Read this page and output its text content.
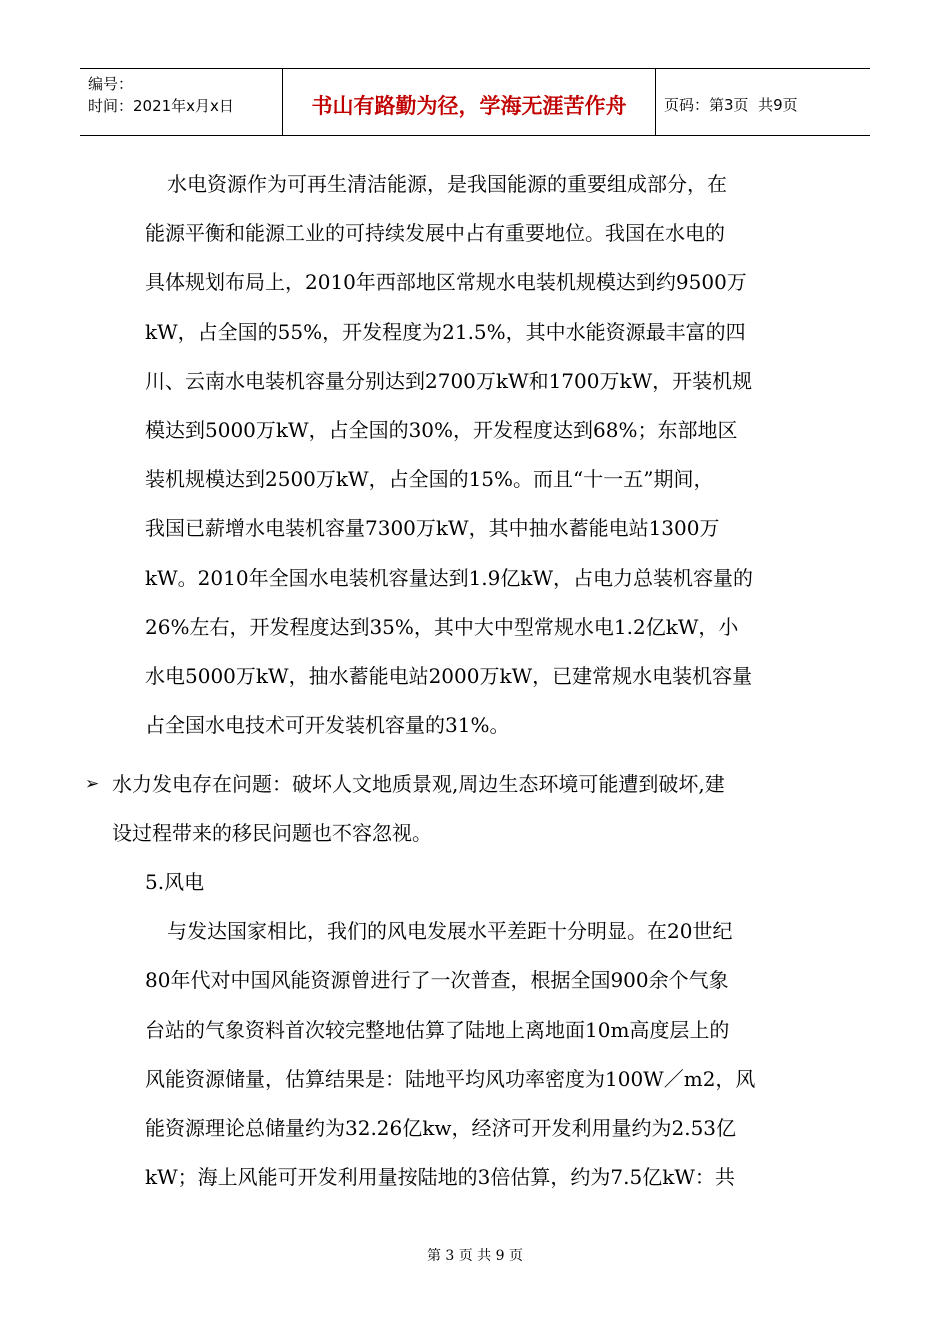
编号：
时间：2021年x月x日	书山有路勤为径，学海无涯苦作舟	页码：第3页  共9页

水电资源作为可再生清洁能源，是我国能源的重要组成部分，在
能源平衡和能源工业的可持续发展中占有重要地位。我国在水电的
具体规划布局上，2010年西部地区常规水电装机规模达到约9500万
kW，占全国的55%，开发程度为21.5%，其中水能资源最丰富的四
川、云南水电装机容量分别达到2700万kW和1700万kW，开装机规
模达到5000万kW，占全国的30%，开发程度达到68%；东部地区
装机规模达到2500万kW，占全国的15%。而且“十一五”期间，
我国已薪增水电装机容量7300万kW，其中抽水蓄能电站1300万
kW。2010年全国水电装机容量达到1.9亿kW，占电力总装机容量的
26%左右，开发程度达到35%，其中大中型常规水电1.2亿kW，小
水电5000万kW，抽水蓄能电站2000万kW，已建常规水电装机容量
占全国水电技术可开发装机容量的31%。

➢ 水力发电存在问题：破坏人文地质景观,周边生态环境可能遭到破坏,建
设过程带来的移民问题也不容忽视。

5.风电
与发达国家相比，我们的风电发展水平差距十分明显。在20世纪
80年代对中国风能资源曾进行了一次普查，根据全国900余个气象
台站的气象资料首次较完整地估算了陆地上离地面10m高度层上的
风能资源储量，估算结果是：陆地平均风功率密度为100W／m2，风
能资源理论总储量约为32.26亿kw，经济可开发利用量约为2.53亿
kW；海上风能可开发利用量按陆地的3倍估算，约为7.5亿kW：共

第 3 页 共 9 页
